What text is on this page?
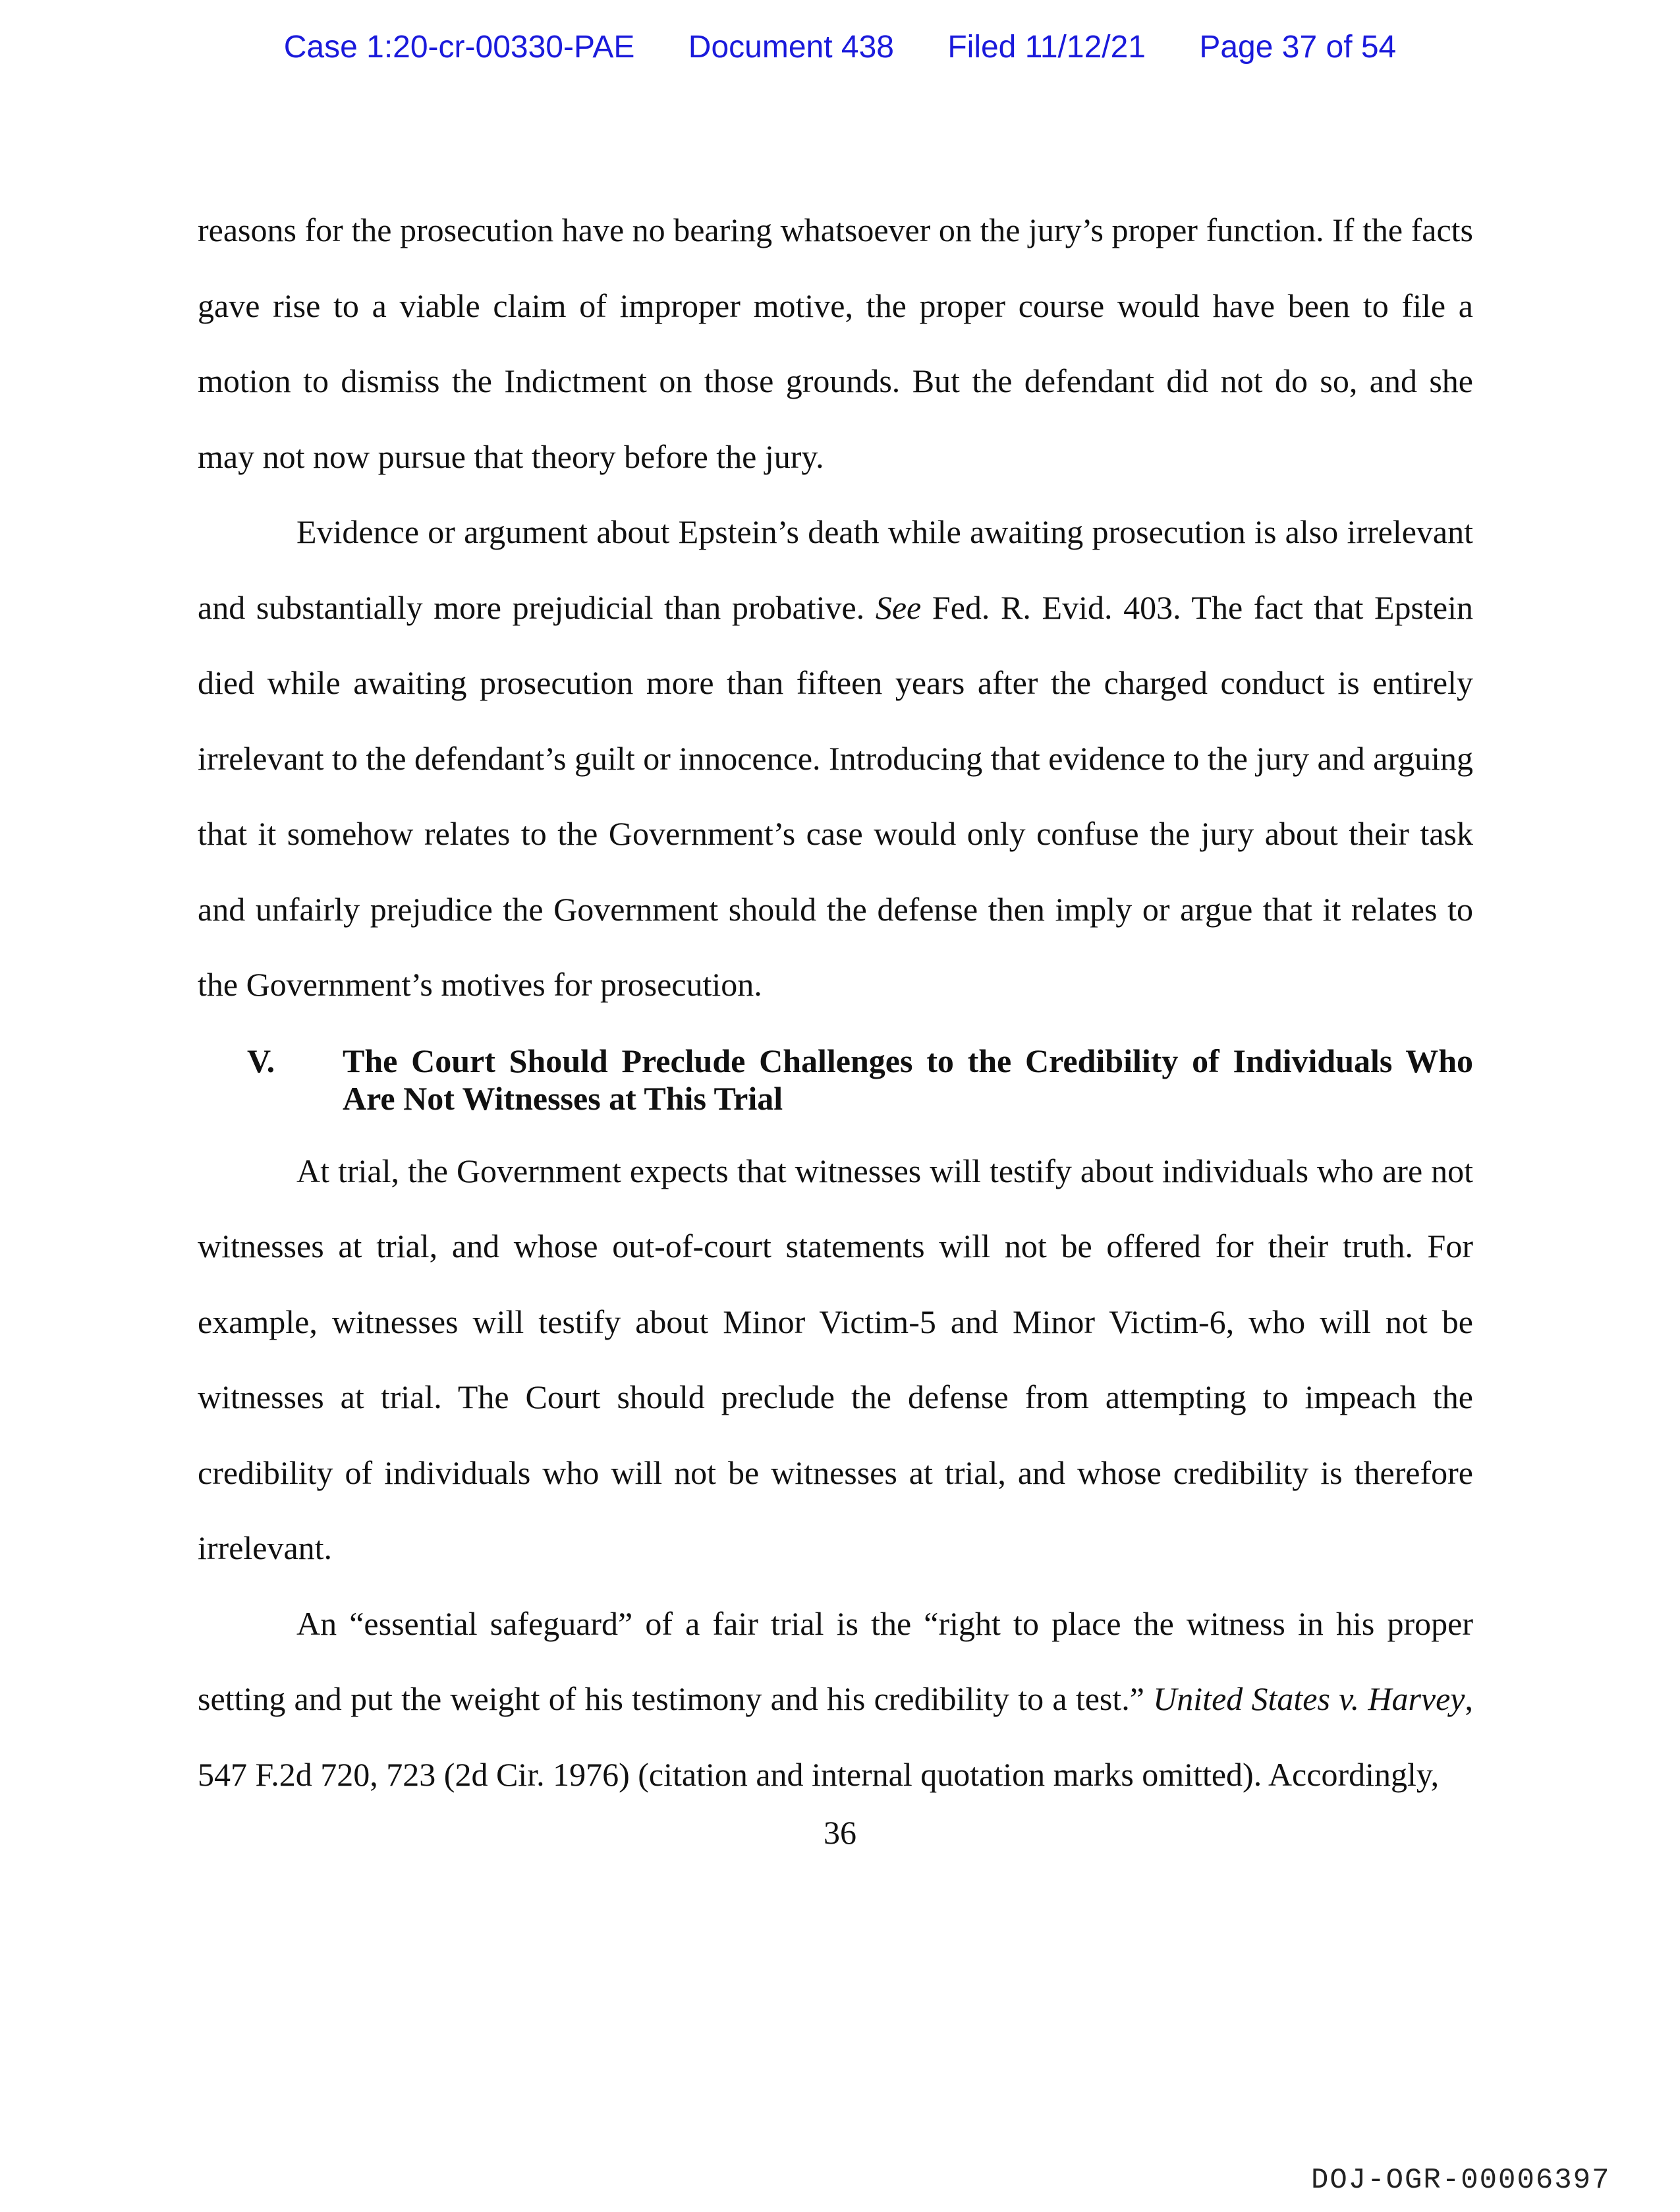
Case 1:20-cr-00330-PAE Document 438 Filed 11/12/21 Page 37 of 54

reasons for the prosecution have no bearing whatsoever on the jury’s proper function. If the facts gave rise to a viable claim of improper motive, the proper course would have been to file a motion to dismiss the Indictment on those grounds. But the defendant did not do so, and she may not now pursue that theory before the jury.

Evidence or argument about Epstein’s death while awaiting prosecution is also irrelevant and substantially more prejudicial than probative. See Fed. R. Evid. 403. The fact that Epstein died while awaiting prosecution more than fifteen years after the charged conduct is entirely irrelevant to the defendant’s guilt or innocence. Introducing that evidence to the jury and arguing that it somehow relates to the Government’s case would only confuse the jury about their task and unfairly prejudice the Government should the defense then imply or argue that it relates to the Government’s motives for prosecution.

V.	The Court Should Preclude Challenges to the Credibility of Individuals Who Are Not Witnesses at This Trial

At trial, the Government expects that witnesses will testify about individuals who are not witnesses at trial, and whose out-of-court statements will not be offered for their truth. For example, witnesses will testify about Minor Victim-5 and Minor Victim-6, who will not be witnesses at trial. The Court should preclude the defense from attempting to impeach the credibility of individuals who will not be witnesses at trial, and whose credibility is therefore irrelevant.

An “essential safeguard” of a fair trial is the “right to place the witness in his proper setting and put the weight of his testimony and his credibility to a test.” United States v. Harvey, 547 F.2d 720, 723 (2d Cir. 1976) (citation and internal quotation marks omitted). Accordingly,

36
DOJ-OGR-00006397
